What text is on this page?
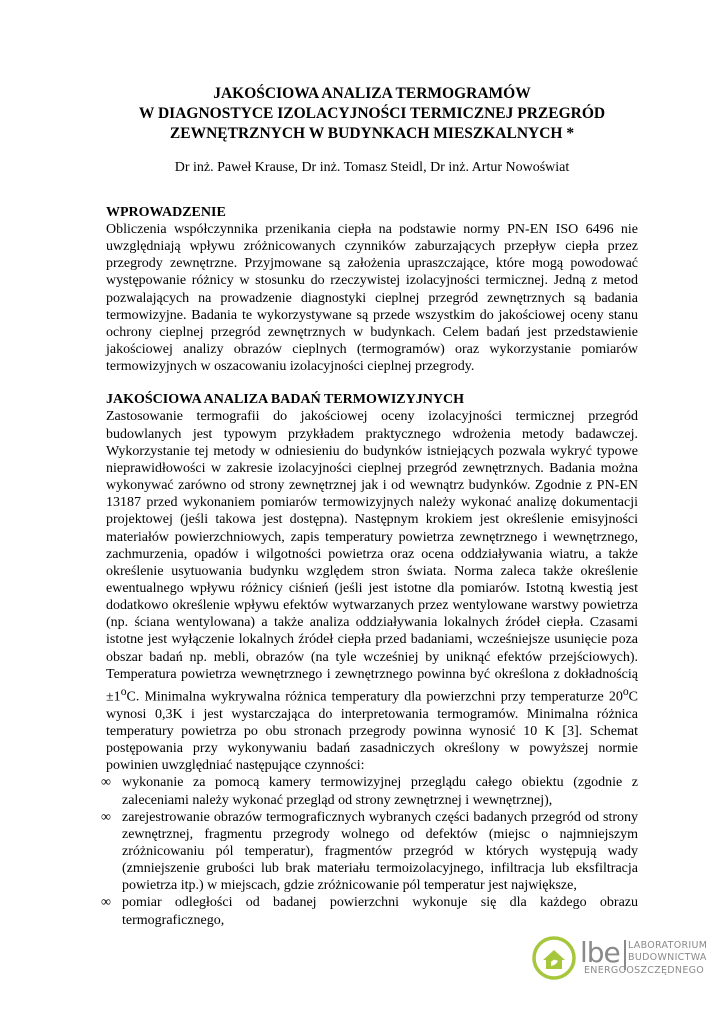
JAKOŚCIOWA ANALIZA TERMOGRAMÓW
W DIAGNOSTYCE IZOLACYJNOŚCI TERMICZNEJ PRZEGRÓD
ZEWNĘTRZNYCH W BUDYNKACH MIESZKALNYCH *
Dr inż. Paweł Krause, Dr inż. Tomasz Steidl, Dr inż. Artur Nowoświat
WPROWADZENIE

Obliczenia współczynnika przenikania ciepła na podstawie normy PN-EN ISO 6496 nie uwzględniają wpływu zróżnicowanych czynników zaburzających przepływ ciepła przez przegrody zewnętrzne. Przyjmowane są założenia upraszczające, które mogą powodować występowanie różnicy w stosunku do rzeczywistej izolacyjności termicznej. Jedną z metod pozwalających na prowadzenie diagnostyki cieplnej przegród zewnętrznych są badania termowizyjne. Badania te wykorzystywane są przede wszystkim do jakościowej oceny stanu ochrony cieplnej przegród zewnętrznych w budynkach. Celem badań jest przedstawienie jakościowej analizy obrazów cieplnych (termogramów) oraz wykorzystanie pomiarów termowizyjnych w oszacowaniu izolacyjności cieplnej przegrody.

JAKOŚCIOWA ANALIZA BADAŃ TERMOWIZYJNYCH

Zastosowanie termografii do jakościowej oceny izolacyjności termicznej przegród budowlanych jest typowym przykładem praktycznego wdrożenia metody badawczej. Wykorzystanie tej metody w odniesieniu do budynków istniejących pozwala wykryć typowe nieprawidłowości w zakresie izolacyjności cieplnej przegród zewnętrznych. Badania można wykonywać zarówno od strony zewnętrznej jak i od wewnątrz budynków. Zgodnie z PN-EN 13187 przed wykonaniem pomiarów termowizyjnych należy wykonać analizę dokumentacji projektowej (jeśli takowa jest dostępna). Następnym krokiem jest określenie emisyjności materiałów powierzchniowych, zapis temperatury powietrza zewnętrznego i wewnętrznego, zachmurzenia, opadów i wilgotności powietrza oraz ocena oddziaływania wiatru, a także określenie usytuowania budynku względem stron świata. Norma zaleca także określenie ewentualnego wpływu różnicy ciśnień (jeśli jest istotne dla pomiarów. Istotną kwestią jest dodatkowo określenie wpływu efektów wytwarzanych przez wentylowane warstwy powietrza (np. ściana wentylowana) a także analiza oddziaływania lokalnych źródeł ciepła. Czasami istotne jest wyłączenie lokalnych źródeł ciepła przed badaniami, wcześniejsze usunięcie poza obszar badań np. mebli, obrazów (na tyle wcześniej by uniknąć efektów przejściowych). Temperatura powietrza wewnętrznego i zewnętrznego powinna być określona z dokładnością $\pm 1^oC$. Minimalna wykrywalna różnica temperatury dla powierzchni przy temperaturze 20$^o$C wynosi 0,3K i jest wystarczająca do interpretowania termogramów. Minimalna różnica temperatury powietrza po obu stronach przegrody powinna wynosić 10 K [3]. Schemat postępowania przy wykonywaniu badań zasadniczych określony w powyższej normie powinien uwzględniać następujące czynności:

∞ wykonanie za pomocą kamery termowizyjnej przeglądu całego obiektu (zgodnie z zaleceniami należy wykonać przegląd od strony zewnętrznej i wewnętrznej),
∞ zarejestrowanie obrazów termograficznych wybranych części badanych przegród od strony zewnętrznej, fragmentu przegrody wolnego od defektów (miejsc o najmniejszym zróżnicowaniu pól temperatur), fragmentów przegród w których występują wady (zmniejszenie grubości lub brak materiału termoizolacyjnego, infiltracja lub eksfiltracja powietrza itp.) w miejscach, gdzie zróżnicowanie pól temperatur jest największe,
∞ pomiar odległości od badanej powierzchni wykonuje się dla każdego obrazu termograficznego,
lbe LABORATORIUM
BUDOWNICTWA
ENERGOOSZCZĘDNEGO
